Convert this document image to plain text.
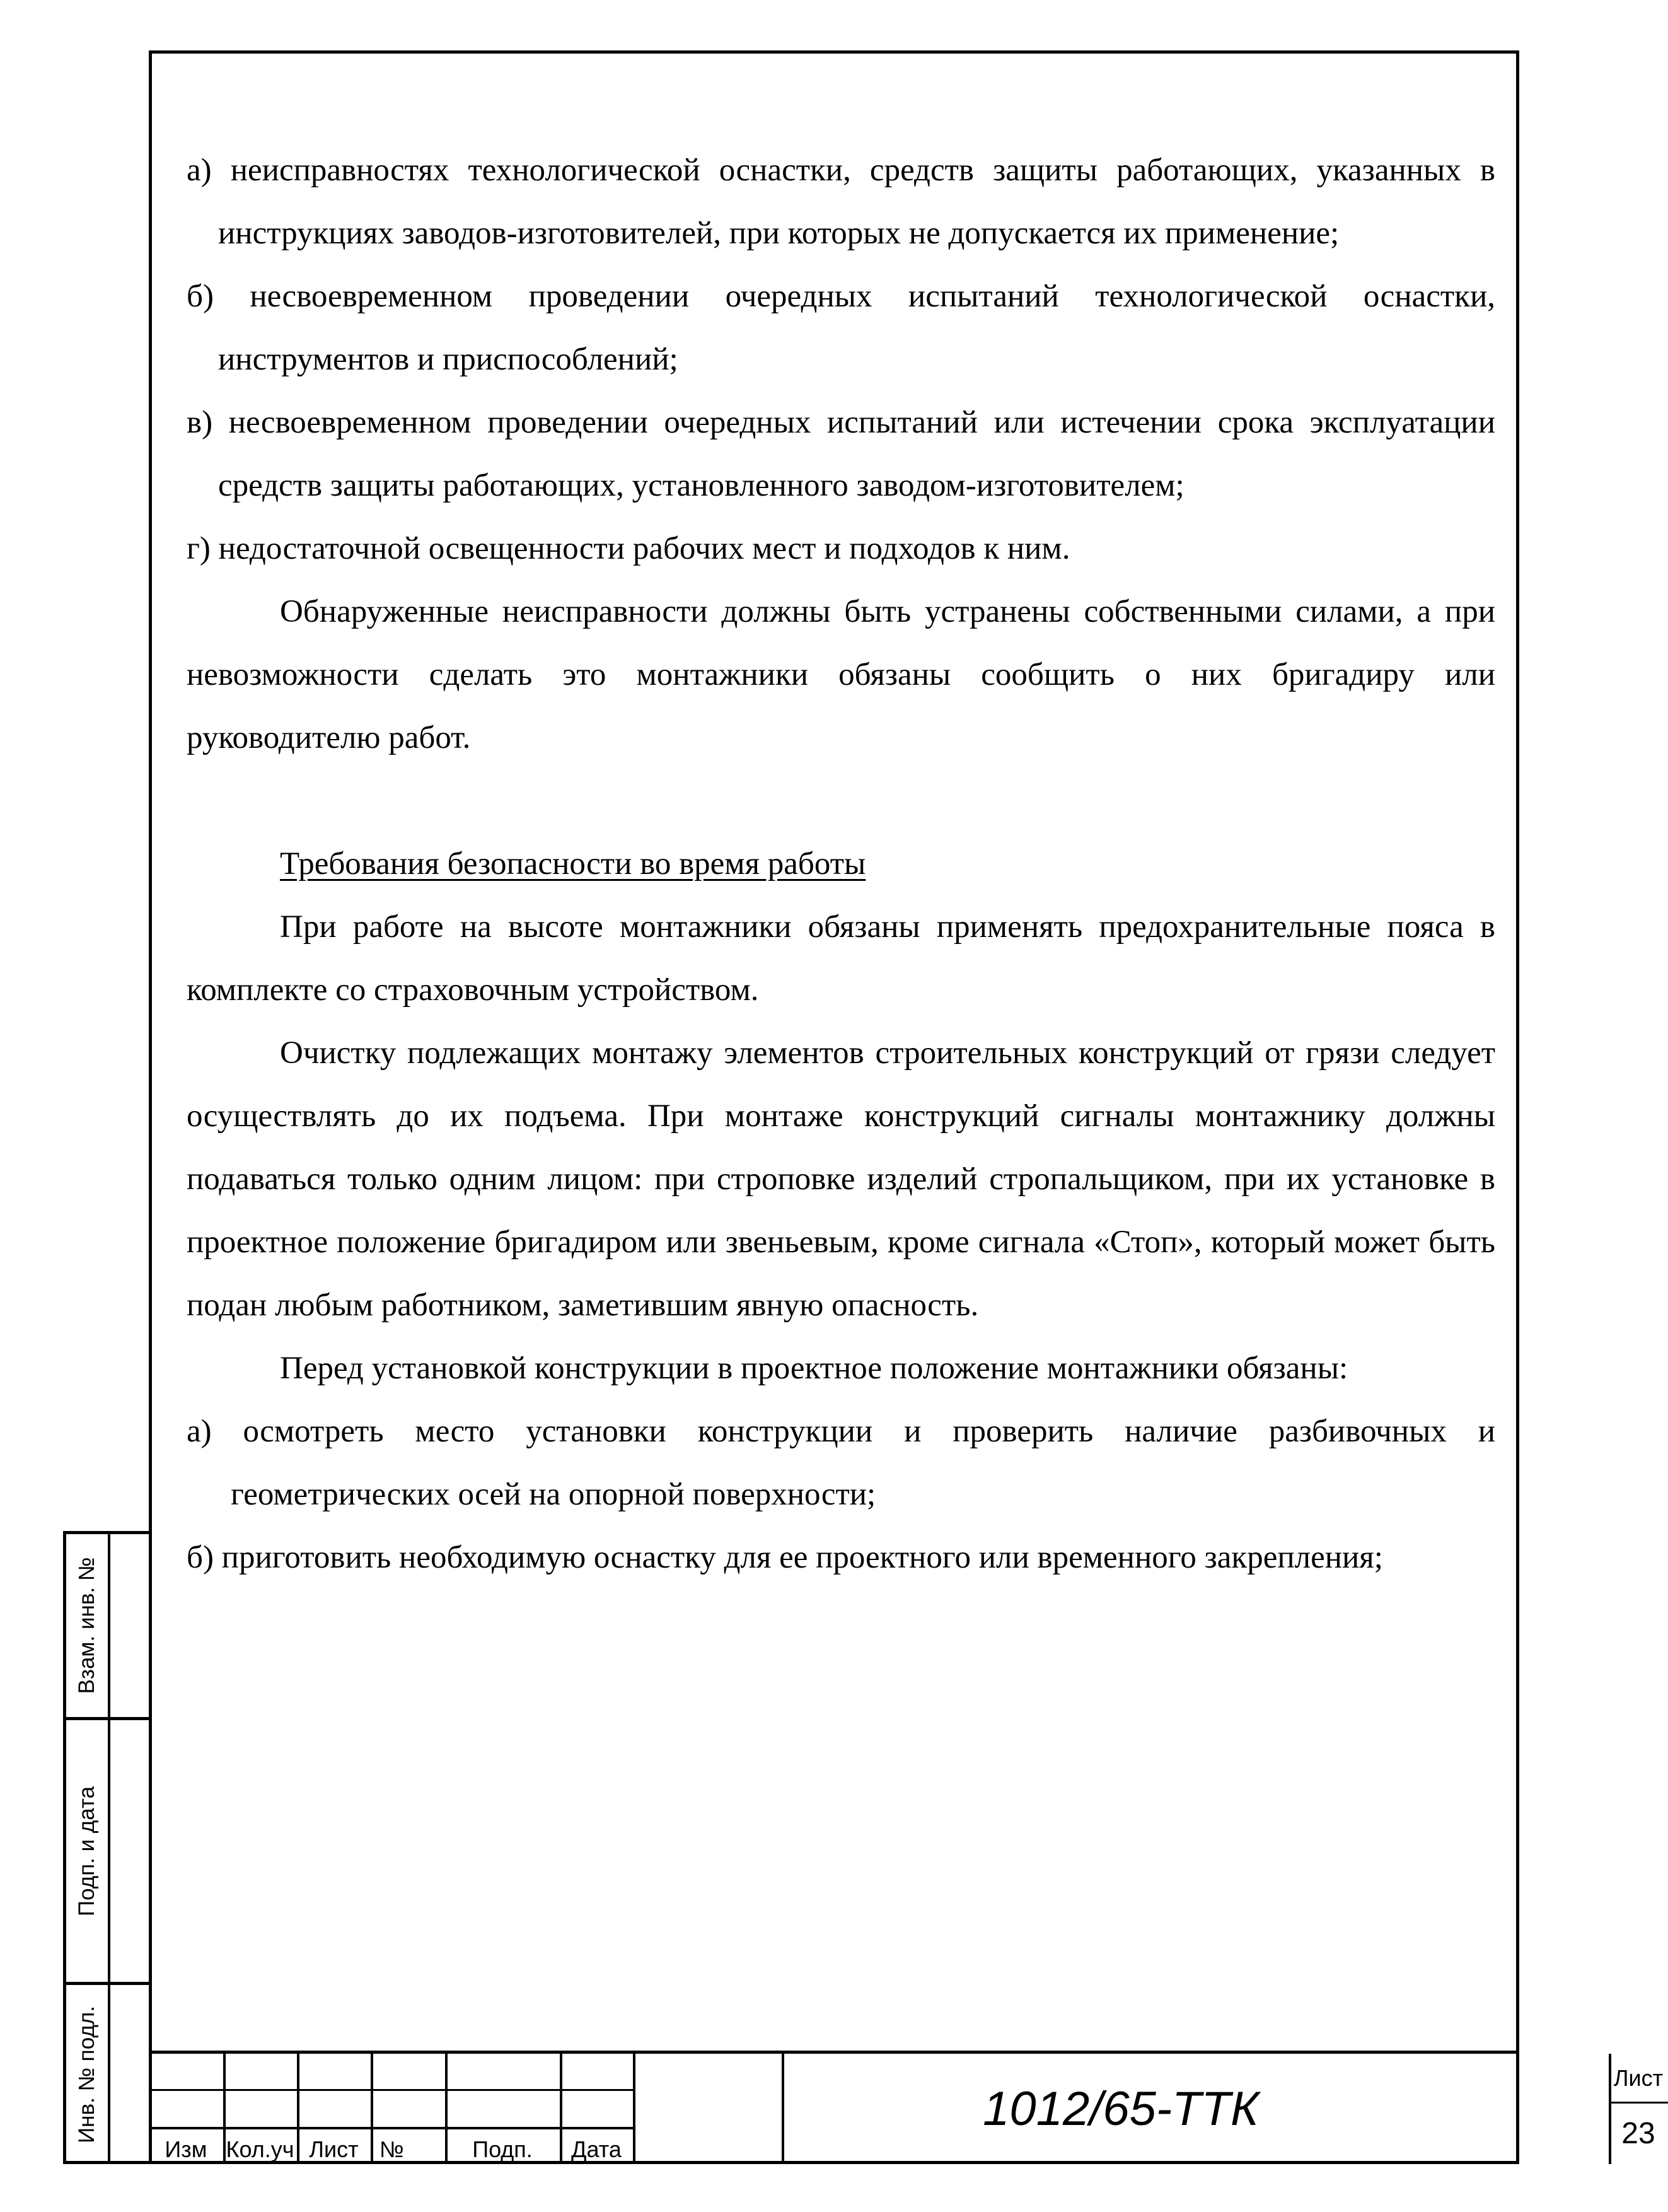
а) неисправностях технологической оснастки, средств защиты работающих, указанных в инструкциях заводов-изготовителей, при которых не допускается их применение;

б) несвоевременном проведении очередных испытаний технологической оснастки, инструментов и приспособлений;

в) несвоевременном проведении очередных испытаний или истечении срока эксплуатации средств защиты работающих, установленного заводом-изготовителем;

г) недостаточной освещенности рабочих мест и подходов к ним.

Обнаруженные неисправности должны быть устранены собственными силами, а при невозможности сделать это монтажники обязаны сообщить о них бригадиру или руководителю работ.

Требования безопасности во время работы

При работе на высоте монтажники обязаны применять предохранительные пояса в комплекте со страховочным устройством.

Очистку подлежащих монтажу элементов строительных конструкций от грязи следует осуществлять до их подъема. При монтаже конструкций сигналы монтажнику должны подаваться только одним лицом: при строповке изделий стропальщиком, при их установке в проектное положение бригадиром или звеньевым, кроме сигнала «Стоп», который может быть подан любым работником, заметившим явную опасность.

Перед установкой конструкции в проектное положение монтажники обязаны:

а) осмотреть место установки конструкции и проверить наличие разбивочных и геометрических осей на опорной поверхности;

б) приготовить необходимую оснастку для ее проектного или временного закрепления;

Взам. инв. №
Подп. и дата
Инв. № подл.
Изм Кол.уч Лист №	Подп.	Дата
1012/65-ТТК
Лист
23
